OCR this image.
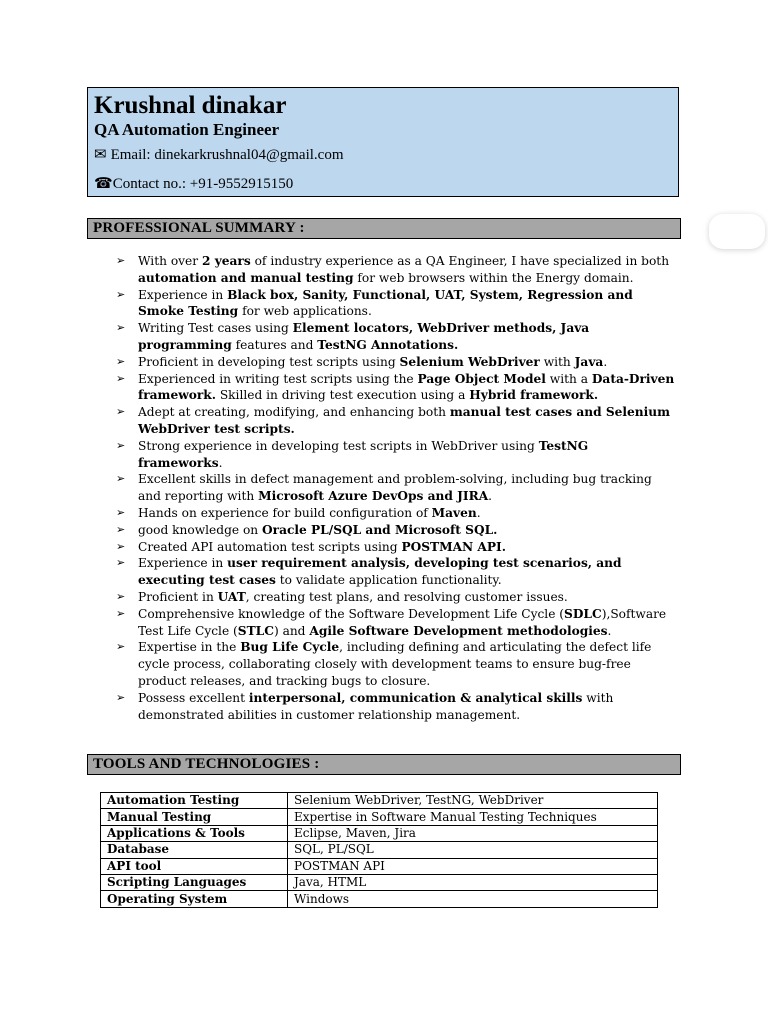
Krushnal dinakar
QA Automation Engineer
✉ Email: dinekarkrushnal04@gmail.com
☎Contact no.: +91-9552915150
PROFESSIONAL SUMMARY :
➢ With over 2 years of industry experience as a QA Engineer, I have specialized in both automation and manual testing for web browsers within the Energy domain.
➢ Experience in Black box, Sanity, Functional, UAT, System, Regression and Smoke Testing for web applications.
➢ Writing Test cases using Element locators, WebDriver methods, Java programming features and TestNG Annotations.
➢ Proficient in developing test scripts using Selenium WebDriver with Java.
➢ Experienced in writing test scripts using the Page Object Model with a Data-Driven framework. Skilled in driving test execution using a Hybrid framework.
➢ Adept at creating, modifying, and enhancing both manual test cases and Selenium WebDriver test scripts.
➢ Strong experience in developing test scripts in WebDriver using TestNG frameworks.
➢ Excellent skills in defect management and problem-solving, including bug tracking and reporting with Microsoft Azure DevOps and JIRA.
➢ Hands on experience for build configuration of Maven.
➢ good knowledge on Oracle PL/SQL and Microsoft SQL.
➢ Created API automation test scripts using POSTMAN API.
➢ Experience in user requirement analysis, developing test scenarios, and executing test cases to validate application functionality.
➢ Proficient in UAT, creating test plans, and resolving customer issues.
➢ Comprehensive knowledge of the Software Development Life Cycle (SDLC),Software Test Life Cycle (STLC) and Agile Software Development methodologies.
➢ Expertise in the Bug Life Cycle, including defining and articulating the defect life cycle process, collaborating closely with development teams to ensure bug-free product releases, and tracking bugs to closure.
➢ Possess excellent interpersonal, communication & analytical skills with demonstrated abilities in customer relationship management.
TOOLS AND TECHNOLOGIES :
Automation Testing	Selenium WebDriver, TestNG, WebDriver
Manual Testing	Expertise in Software Manual Testing Techniques
Applications & Tools	Eclipse, Maven, Jira
Database	SQL, PL/SQL
API tool	POSTMAN API
Scripting Languages	Java, HTML
Operating System	Windows
